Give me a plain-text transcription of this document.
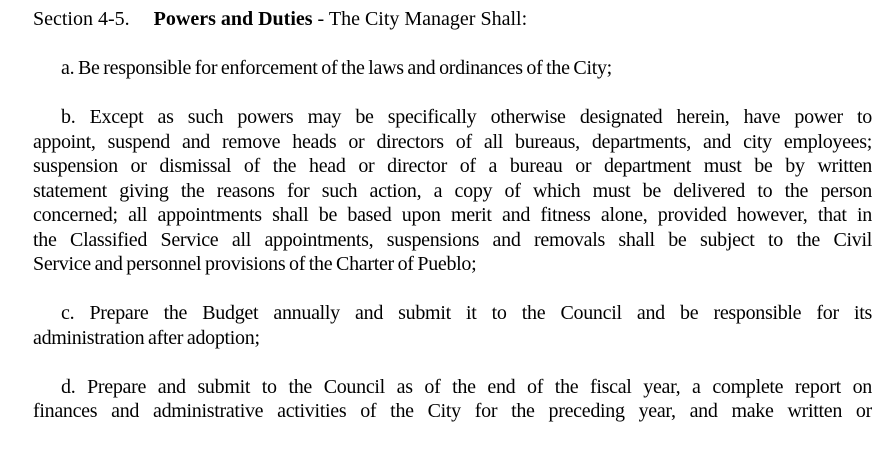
Section 4-5. Powers and Duties - The City Manager Shall:
a. Be responsible for enforcement of the laws and ordinances of the City;
b. Except as such powers may be specifically otherwise designated herein, have power to
appoint, suspend and remove heads or directors of all bureaus, departments, and city employees;
suspension or dismissal of the head or director of a bureau or department must be by written
statement giving the reasons for such action, a copy of which must be delivered to the person
concerned; all appointments shall be based upon merit and fitness alone, provided however, that in
the Classified Service all appointments, suspensions and removals shall be subject to the Civil
Service and personnel provisions of the Charter of Pueblo;
c. Prepare the Budget annually and submit it to the Council and be responsible for its
administration after adoption;
d. Prepare and submit to the Council as of the end of the fiscal year, a complete report on
finances and administrative activities of the City for the preceding year, and make written or
